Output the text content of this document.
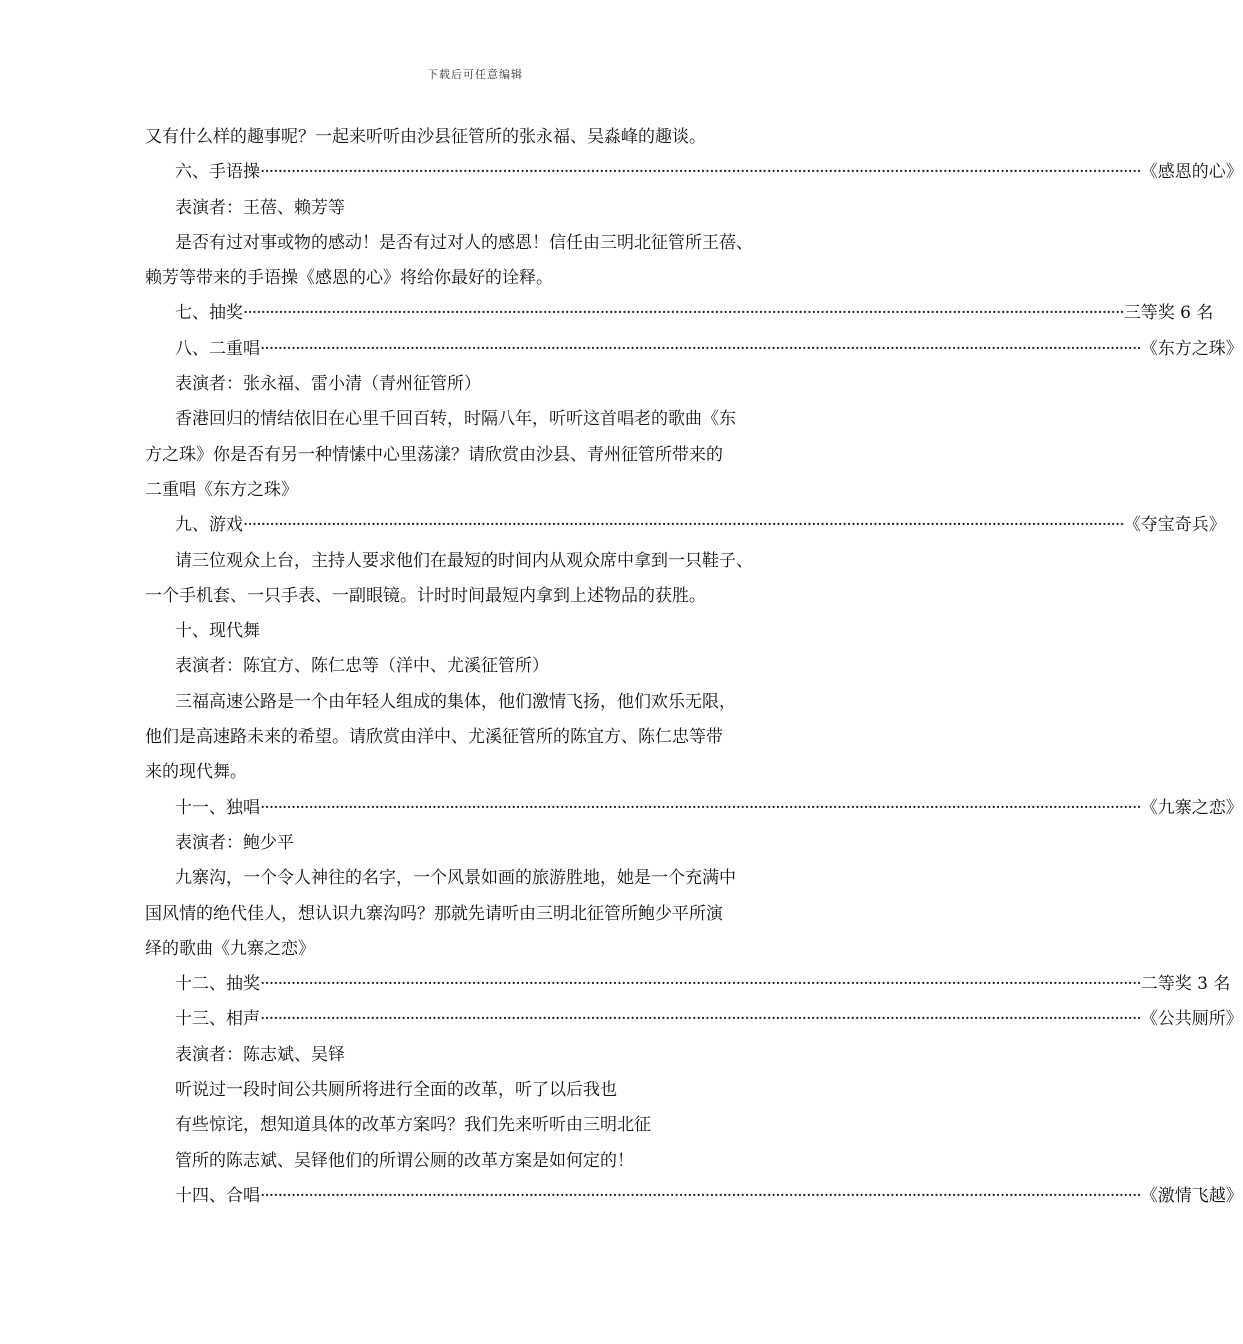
下载后可任意编辑
又有什么样的趣事呢？一起来听听由沙县征管所的张永福、吴淼峰的趣谈。
六、手语操 ········································································································································································································ 《感恩的心》
表演者：王蓓、赖芳等
是否有过对事或物的感动！是否有过对人的感恩！信任由三明北征管所王蓓、
赖芳等带来的手语操《感恩的心》将给你最好的诠释。
七、抽奖 ········································································································································································································ 三等奖 6 名
八、二重唱 ········································································································································································································ 《东方之珠》
表演者：张永福、雷小清（青州征管所）
香港回归的情结依旧在心里千回百转，时隔八年，听听这首唱老的歌曲《东
方之珠》你是否有另一种情愫中心里荡漾？请欣赏由沙县、青州征管所带来的
二重唱《东方之珠》
九、游戏 ········································································································································································································ 《夺宝奇兵》
请三位观众上台，主持人要求他们在最短的时间内从观众席中拿到一只鞋子、
一个手机套、一只手表、一副眼镜。计时时间最短内拿到上述物品的获胜。
十、现代舞
表演者：陈宜方、陈仁忠等（洋中、尤溪征管所）
三福高速公路是一个由年轻人组成的集体，他们激情飞扬，他们欢乐无限，
他们是高速路未来的希望。请欣赏由洋中、尤溪征管所的陈宜方、陈仁忠等带
来的现代舞。
十一、独唱 ········································································································································································································ 《九寨之恋》
表演者：鲍少平
九寨沟，一个令人神往的名字，一个风景如画的旅游胜地，她是一个充满中
国风情的绝代佳人，想认识九寨沟吗？那就先请听由三明北征管所鲍少平所演
绎的歌曲《九寨之恋》
十二、抽奖 ········································································································································································································ 二等奖 3 名
十三、相声 ········································································································································································································ 《公共厕所》
表演者：陈志斌、吴铎
听说过一段时间公共厕所将进行全面的改革，听了以后我也
有些惊诧，想知道具体的改革方案吗？我们先来听听由三明北征
管所的陈志斌、吴铎他们的所谓公厕的改革方案是如何定的！
十四、合唱 ········································································································································································································ 《激情飞越》
